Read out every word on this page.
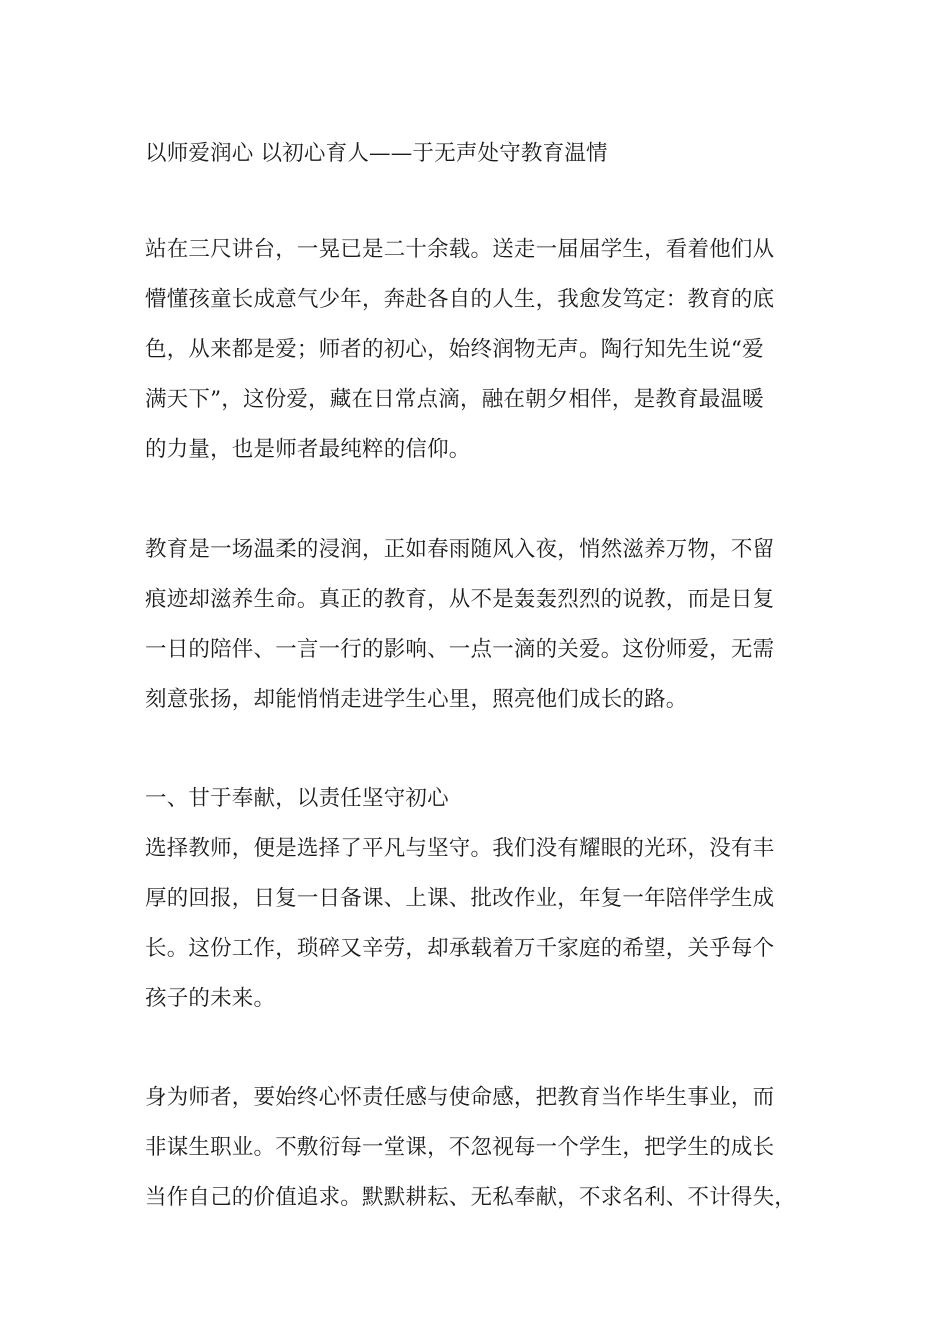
以师爱润心 以初心育人——于无声处守教育温情
站在三尺讲台，一晃已是二十余载。送走一届届学生，看着他们从
懵懂孩童长成意气少年，奔赴各自的人生，我愈发笃定：教育的底
色，从来都是爱；师者的初心，始终润物无声。陶行知先生说“爱
满天下”，这份爱，藏在日常点滴，融在朝夕相伴，是教育最温暖
的力量，也是师者最纯粹的信仰。
教育是一场温柔的浸润，正如春雨随风入夜，悄然滋养万物，不留
痕迹却滋养生命。真正的教育，从不是轰轰烈烈的说教，而是日复
一日的陪伴、一言一行的影响、一点一滴的关爱。这份师爱，无需
刻意张扬，却能悄悄走进学生心里，照亮他们成长的路。
一、甘于奉献，以责任坚守初心
选择教师，便是选择了平凡与坚守。我们没有耀眼的光环，没有丰
厚的回报，日复一日备课、上课、批改作业，年复一年陪伴学生成
长。这份工作，琐碎又辛劳，却承载着万千家庭的希望，关乎每个
孩子的未来。
身为师者，要始终心怀责任感与使命感，把教育当作毕生事业，而
非谋生职业。不敷衍每一堂课，不忽视每一个学生，把学生的成长
当作自己的价值追求。默默耕耘、无私奉献，不求名利、不计得失，
